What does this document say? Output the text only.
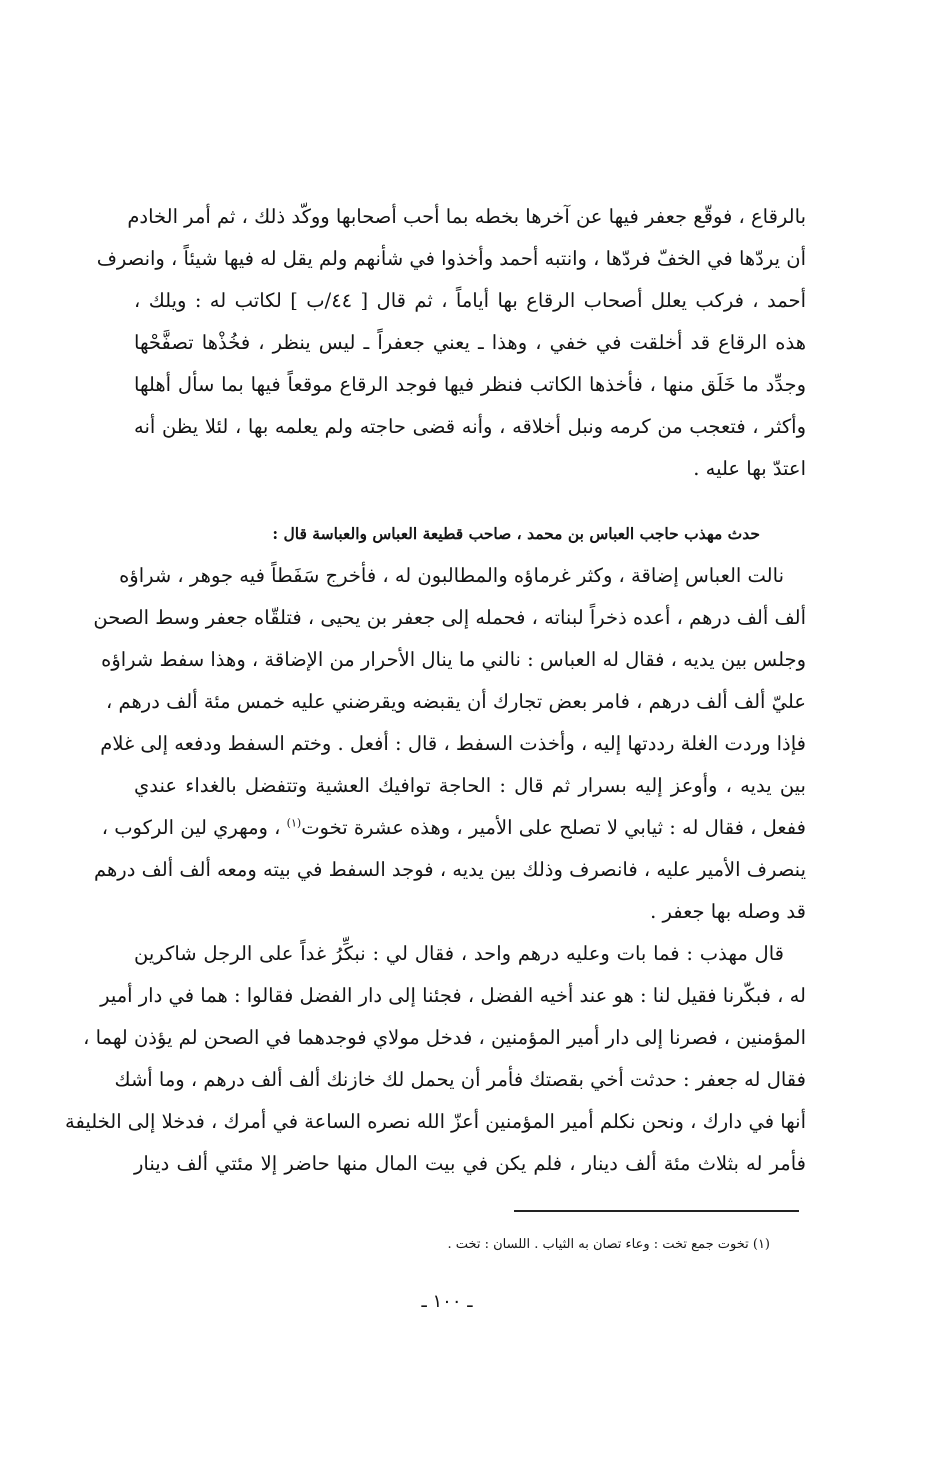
بالرقاع ، فوقّع جعفر فيها عن آخرها بخطه بما أحب أصحابها ووكّد ذلك ، ثم أمر الخادم
أن يردّها في الخفّ فردّها ، وانتبه أحمد وأخذوا في شأنهم ولم يقل له فيها شيئاً ، وانصرف
أحمد ، فركب يعلل أصحاب الرقاع بها أياماً ، ثم قال [ ٤٤/ب ] لكاتب له : ويلك ،
هذه الرقاع قد أخلقت في خفي ، وهذا ـ يعني جعفراً ـ ليس ينظر ، فخُذْها تصفَّحْها
وجدِّد ما خَلَق منها ، فأخذها الكاتب فنظر فيها فوجد الرقاع موقعاً فيها بما سأل أهلها
وأكثر ، فتعجب من كرمه ونبل أخلاقه ، وأنه قضى حاجته ولم يعلمه بها ، لئلا يظن أنه
اعتدّ بها عليه .
حدث مهذب حاجب العباس بن محمد ، صاحب قطيعة العباس والعباسة قال :
نالت العباس إضاقة ، وكثر غرماؤه والمطالبون له ، فأخرج سَفَطاً فيه جوهر ، شراؤه
ألف ألف درهم ، أعده ذخراً لبناته ، فحمله إلى جعفر بن يحيى ، فتلقّاه جعفر وسط الصحن
وجلس بين يديه ، فقال له العباس : نالني ما ينال الأحرار من الإضاقة ، وهذا سفط شراؤه
عليّ ألف ألف درهم ، فامر بعض تجارك أن يقبضه ويقرضني عليه خمس مئة ألف درهم ،
فإذا وردت الغلة رددتها إليه ، وأخذت السفط ، قال : أفعل . وختم السفط ودفعه إلى غلام
بين يديه ، وأوعز إليه بسرار ثم قال : الحاجة توافيك العشية وتتفضل بالغداء عندي
ففعل ، فقال له : ثيابي لا تصلح على الأمير ، وهذه عشرة تخوت$^{(١)}$ ، ومهري لين الركوب ،
ينصرف الأمير عليه ، فانصرف وذلك بين يديه ، فوجد السفط في بيته ومعه ألف ألف درهم
قد وصله بها جعفر .
قال مهذب : فما بات وعليه درهم واحد ، فقال لي : نبكِّرُ غداً على الرجل شاكرين
له ، فبكّرنا فقيل لنا : هو عند أخيه الفضل ، فجئنا إلى دار الفضل فقالوا : هما في دار أمير
المؤمنين ، فصرنا إلى دار أمير المؤمنين ، فدخل مولاي فوجدهما في الصحن لم يؤذن لهما ،
فقال له جعفر : حدثت أخي بقصتك فأمر أن يحمل لك خازنك ألف ألف درهم ، وما أشك
أنها في دارك ، ونحن نكلم أمير المؤمنين أعزّ الله نصره الساعة في أمرك ، فدخلا إلى الخليفة
فأمر له بثلاث مئة ألف دينار ، فلم يكن في بيت المال منها حاضر إلا مئتي ألف دينار
(١) تخوت جمع تخت : وعاء تصان به الثياب . اللسان : تخت .
ـ ١٠٠ ـ
